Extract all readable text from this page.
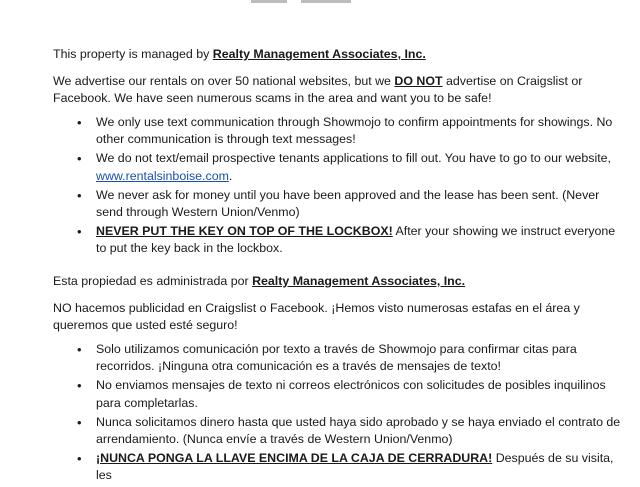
This property is managed by Realty Management Associates, Inc.

We advertise our rentals on over 50 national websites, but we DO NOT advertise on Craigslist or Facebook. We have seen numerous scams in the area and want you to be safe!

• We only use text communication through Showmojo to confirm appointments for showings. No other communication is through text messages!
• We do not text/email prospective tenants applications to fill out. You have to go to our website, www.rentalsinboise.com.
• We never ask for money until you have been approved and the lease has been sent. (Never send through Western Union/Venmo)
• NEVER PUT THE KEY ON TOP OF THE LOCKBOX! After your showing we instruct everyone to put the key back in the lockbox.

Esta propiedad es administrada por Realty Management Associates, Inc.

NO hacemos publicidad en Craigslist o Facebook. ¡Hemos visto numerosas estafas en el área y queremos que usted esté seguro!

• Solo utilizamos comunicación por texto a través de Showmojo para confirmar citas para recorridos. ¡Ninguna otra comunicación es a través de mensajes de texto!
• No enviamos mensajes de texto ni correos electrónicos con solicitudes de posibles inquilinos para completarlas.
• Nunca solicitamos dinero hasta que usted haya sido aprobado y se haya enviado el contrato de arrendamiento. (Nunca envíe a través de Western Union/Venmo)
• ¡NUNCA PONGA LA LLAVE ENCIMA DE LA CAJA DE CERRADURA! Después de su visita, les
